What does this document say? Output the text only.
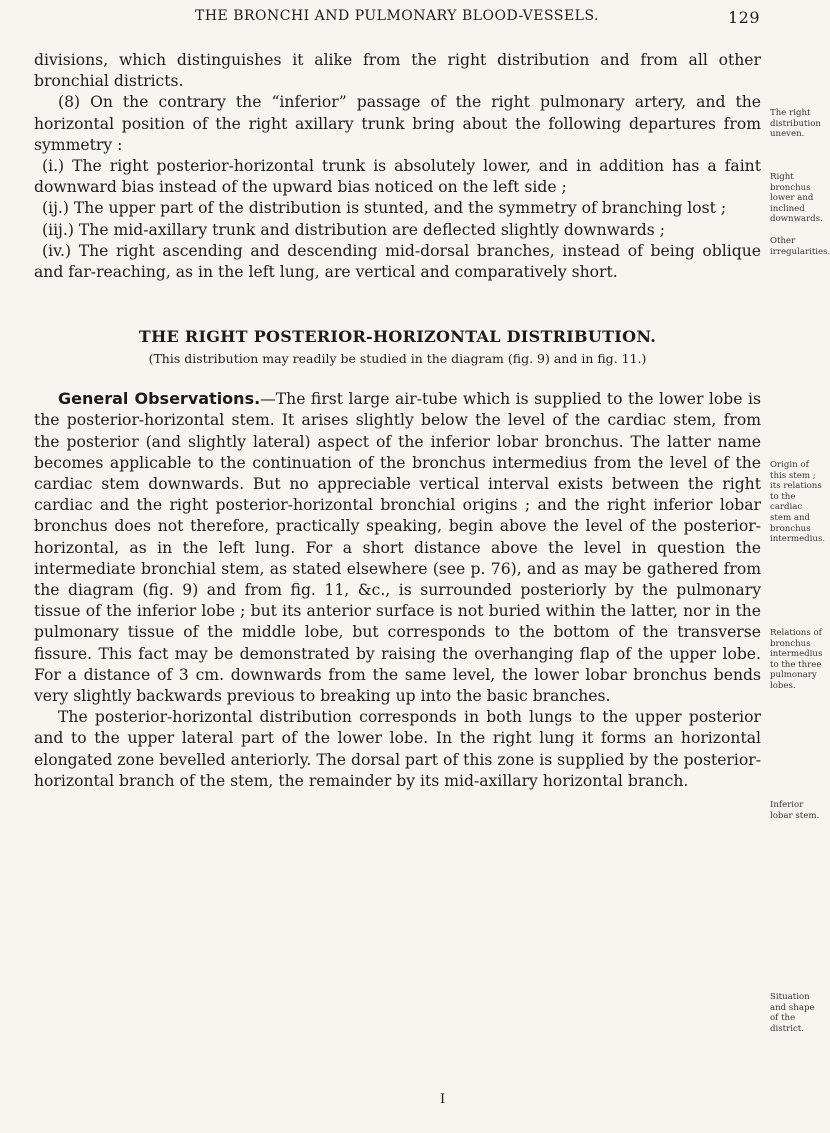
THE BRONCHI AND PULMONARY BLOOD-VESSELS.	129

divisions, which distinguishes it alike from the right distribution and from all other bronchial districts.

(8) On the contrary the “inferior” passage of the right pulmonary artery, and the horizontal position of the right axillary trunk bring about the following departures from symmetry :

(i.) The right posterior-horizontal trunk is absolutely lower, and in addition has a faint downward bias instead of the upward bias noticed on the left side ;

(ij.) The upper part of the distribution is stunted, and the symmetry of branching lost ;

(iij.) The mid-axillary trunk and distribution are deflected slightly downwards ;

(iv.) The right ascending and descending mid-dorsal branches, instead of being oblique and far-reaching, as in the left lung, are vertical and comparatively short.

THE RIGHT POSTERIOR-HORIZONTAL DISTRIBUTION.
(This distribution may readily be studied in the diagram (fig. 9) and in fig. 11.)

General Observations.—The first large air-tube which is supplied to the lower lobe is the posterior-horizontal stem. It arises slightly below the level of the cardiac stem, from the posterior (and slightly lateral) aspect of the inferior lobar bronchus. The latter name becomes applicable to the continuation of the bronchus intermedius from the level of the cardiac stem downwards. But no appreciable vertical interval exists between the right cardiac and the right posterior-horizontal bronchial origins ; and the right inferior lobar bronchus does not therefore, practically speaking, begin above the level of the posterior-horizontal, as in the left lung. For a short distance above the level in question the intermediate bronchial stem, as stated elsewhere (see p. 76), and as may be gathered from the diagram (fig. 9) and from fig. 11, &c., is surrounded posteriorly by the pulmonary tissue of the inferior lobe ; but its anterior surface is not buried within the latter, nor in the pulmonary tissue of the middle lobe, but corresponds to the bottom of the transverse fissure. This fact may be demonstrated by raising the overhanging flap of the upper lobe. For a distance of 3 cm. downwards from the same level, the lower lobar bronchus bends very slightly backwards previous to breaking up into the basic branches.

The posterior-horizontal distribution corresponds in both lungs to the upper posterior and to the upper lateral part of the lower lobe. In the right lung it forms an horizontal elongated zone bevelled anteriorly. The dorsal part of this zone is supplied by the posterior-horizontal branch of the stem, the remainder by its mid-axillary horizontal branch.

The right distribution uneven.
Right bronchus lower and inclined downwards.
Other irregularities.
Origin of this stem ; its relations to the cardiac stem and bronchus intermedius.
Relations of bronchus intermedius to the three pulmonary lobes.
Inferior lobar stem.
Situation and shape of the district.
I
